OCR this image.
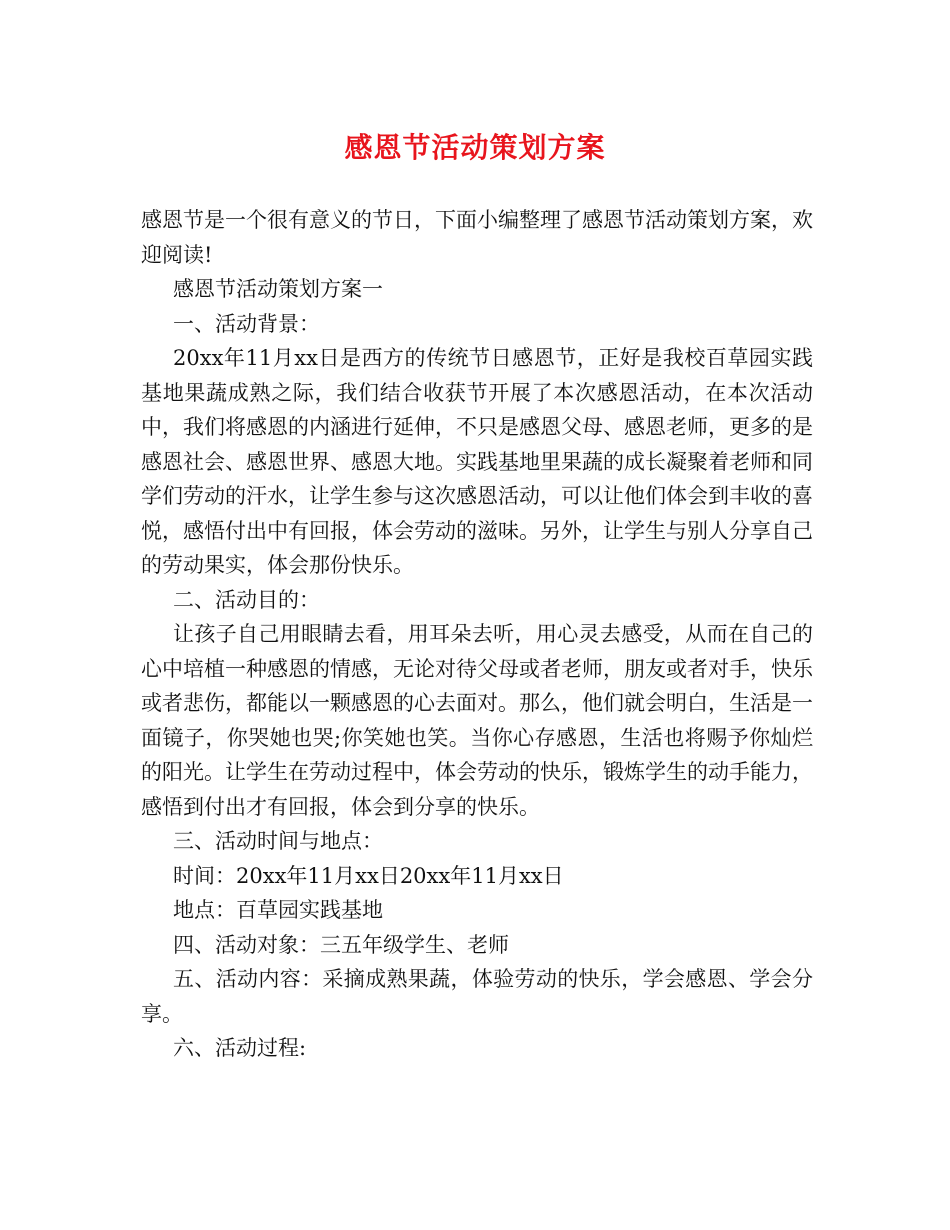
感恩节活动策划方案

感恩节是一个很有意义的节日，下面小编整理了感恩节活动策划方案，欢迎阅读!

感恩节活动策划方案一

一、活动背景：

20xx年11月xx日是西方的传统节日感恩节，正好是我校百草园实践基地果蔬成熟之际，我们结合收获节开展了本次感恩活动，在本次活动中，我们将感恩的内涵进行延伸，不只是感恩父母、感恩老师，更多的是感恩社会、感恩世界、感恩大地。实践基地里果蔬的成长凝聚着老师和同学们劳动的汗水，让学生参与这次感恩活动，可以让他们体会到丰收的喜悦，感悟付出中有回报，体会劳动的滋味。另外，让学生与别人分享自己的劳动果实，体会那份快乐。

二、活动目的：

让孩子自己用眼睛去看，用耳朵去听，用心灵去感受，从而在自己的心中培植一种感恩的情感，无论对待父母或者老师，朋友或者对手，快乐或者悲伤，都能以一颗感恩的心去面对。那么，他们就会明白，生活是一面镜子，你哭她也哭;你笑她也笑。当你心存感恩，生活也将赐予你灿烂的阳光。让学生在劳动过程中，体会劳动的快乐，锻炼学生的动手能力，感悟到付出才有回报，体会到分享的快乐。

三、活动时间与地点：

时间：20xx年11月xx日20xx年11月xx日

地点：百草园实践基地

四、活动对象：三五年级学生、老师

五、活动内容：采摘成熟果蔬，体验劳动的快乐，学会感恩、学会分享。

六、活动过程:
